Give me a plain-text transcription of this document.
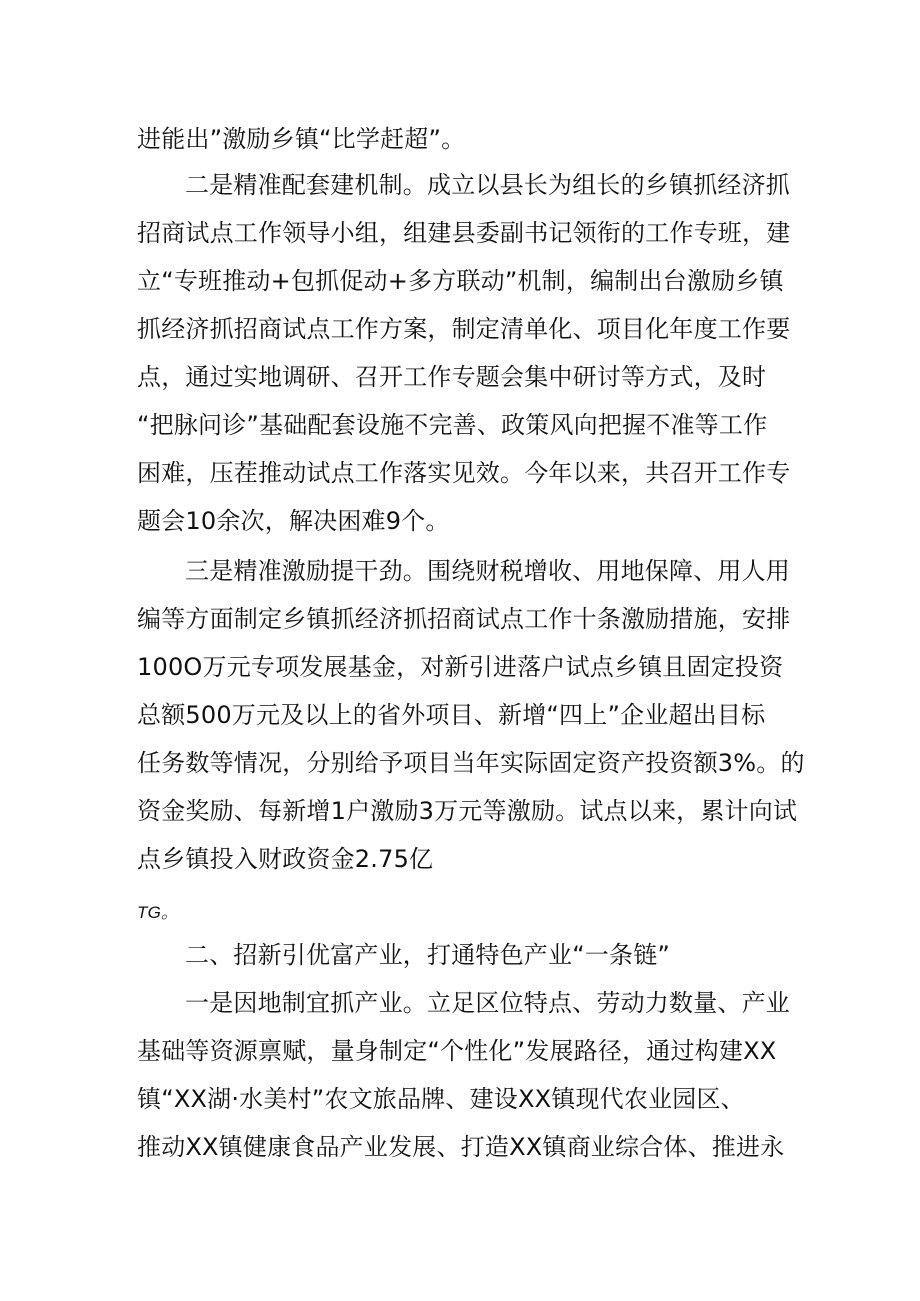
进能出”激励乡镇“比学赶超”。
二是精准配套建机制。成立以县长为组长的乡镇抓经济抓
招商试点工作领导小组，组建县委副书记领衔的工作专班，建
立“专班推动+包抓促动+多方联动”机制，编制出台激励乡镇
抓经济抓招商试点工作方案，制定清单化、项目化年度工作要
点，通过实地调研、召开工作专题会集中研讨等方式，及时
“把脉问诊”基础配套设施不完善、政策风向把握不准等工作
困难，压茬推动试点工作落实见效。今年以来，共召开工作专
题会10余次，解决困难9个。
三是精准激励提干劲。围绕财税增收、用地保障、用人用
编等方面制定乡镇抓经济抓招商试点工作十条激励措施，安排
100O万元专项发展基金，对新引进落户试点乡镇且固定投资
总额500万元及以上的省外项目、新增“四上”企业超出目标
任务数等情况，分别给予项目当年实际固定资产投资额3%。的
资金奖励、每新增1户激励3万元等激励。试点以来，累计向试
点乡镇投入财政资金2.75亿
TG。
二、招新引优富产业，打通特色产业“一条链”
一是因地制宜抓产业。立足区位特点、劳动力数量、产业
基础等资源禀赋，量身制定“个性化”发展路径，通过构建XX
镇“XX湖·水美村”农文旅品牌、建设XX镇现代农业园区、
推动XX镇健康食品产业发展、打造XX镇商业综合体、推进永
